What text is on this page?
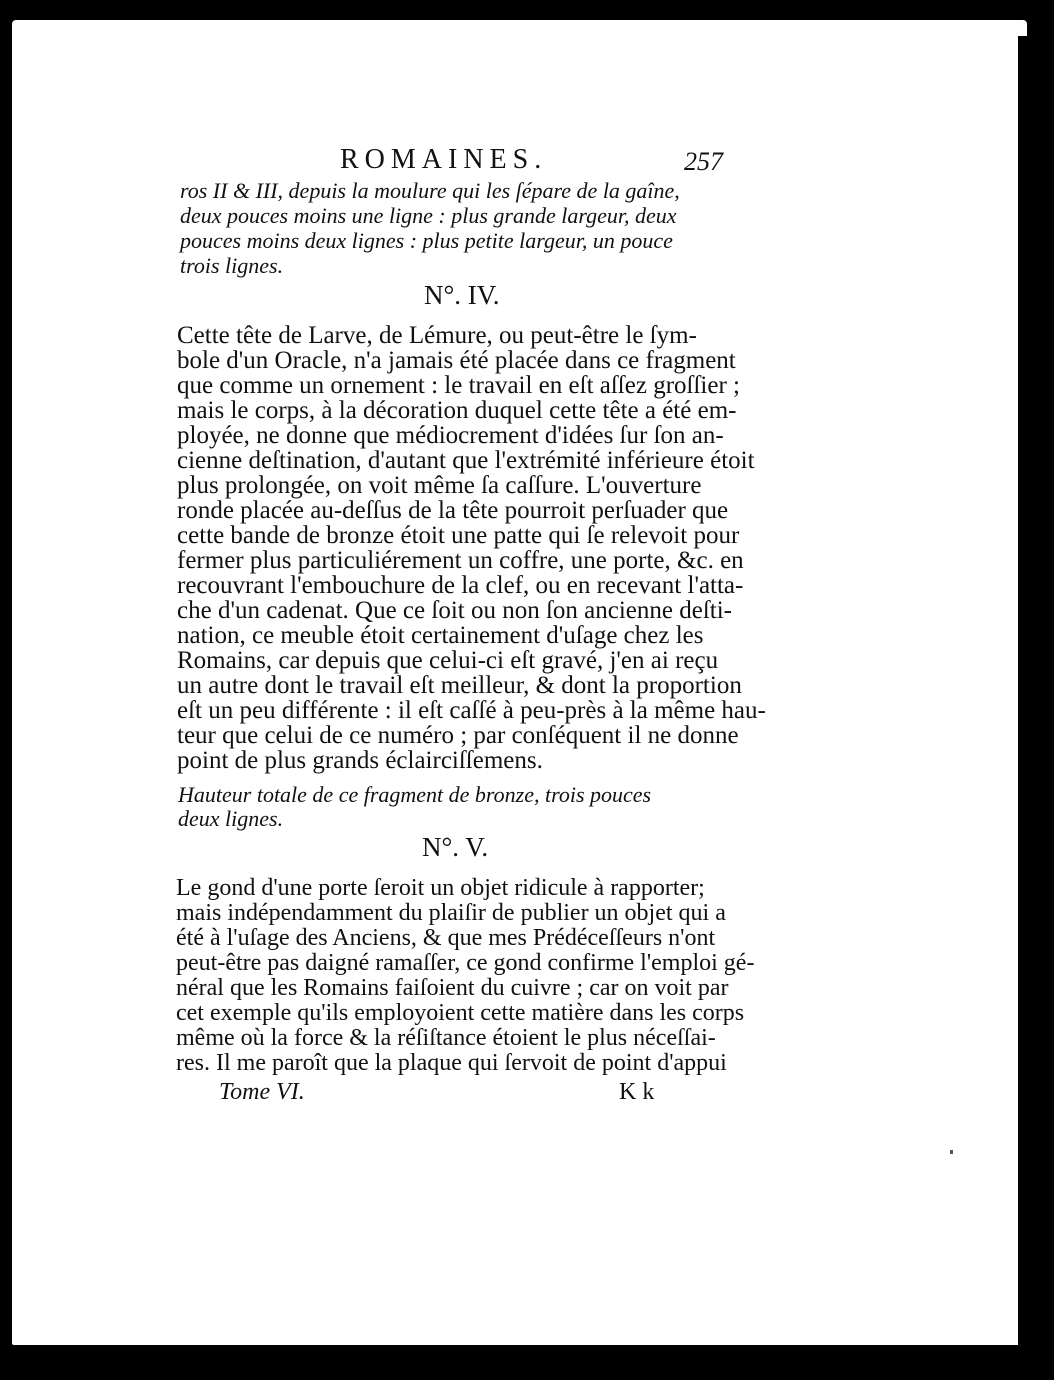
ROMAINES.	257
ros II & III, depuis la moulure qui les ſépare de la gaîne,
deux pouces moins une ligne : plus grande largeur, deux
pouces moins deux lignes : plus petite largeur, un pouce
trois lignes.
N°. IV.
Cette tête de Larve, de Lémure, ou peut-être le ſym-
bole d'un Oracle, n'a jamais été placée dans ce fragment
que comme un ornement : le travail en eſt aſſez groſſier ;
mais le corps, à la décoration duquel cette tête a été em-
ployée, ne donne que médiocrement d'idées ſur ſon an-
cienne deſtination, d'autant que l'extrémité inférieure étoit
plus prolongée, on voit même ſa caſſure. L'ouverture
ronde placée au-deſſus de la tête pourroit perſuader que
cette bande de bronze étoit une patte qui ſe relevoit pour
fermer plus particuliérement un coffre, une porte, &c. en
recouvrant l'embouchure de la clef, ou en recevant l'atta-
che d'un cadenat. Que ce ſoit ou non ſon ancienne deſti-
nation, ce meuble étoit certainement d'uſage chez les
Romains, car depuis que celui-ci eſt gravé, j'en ai reçu
un autre dont le travail eſt meilleur, & dont la proportion
eſt un peu différente : il eſt caſſé à peu-près à la même hau-
teur que celui de ce numéro ; par conſéquent il ne donne
point de plus grands éclairciſſemens.
Hauteur totale de ce fragment de bronze, trois pouces
deux lignes.
N°. V.
Le gond d'une porte ſeroit un objet ridicule à rapporter;
mais indépendamment du plaiſir de publier un objet qui a
été à l'uſage des Anciens, & que mes Prédéceſſeurs n'ont
peut-être pas daigné ramaſſer, ce gond confirme l'emploi gé-
néral que les Romains faiſoient du cuivre ; car on voit par
cet exemple qu'ils employoient cette matière dans les corps
même où la force & la réſiſtance étoient le plus néceſſai-
res. Il me paroît que la plaque qui ſervoit de point d'appui
Tome VI.	K k
